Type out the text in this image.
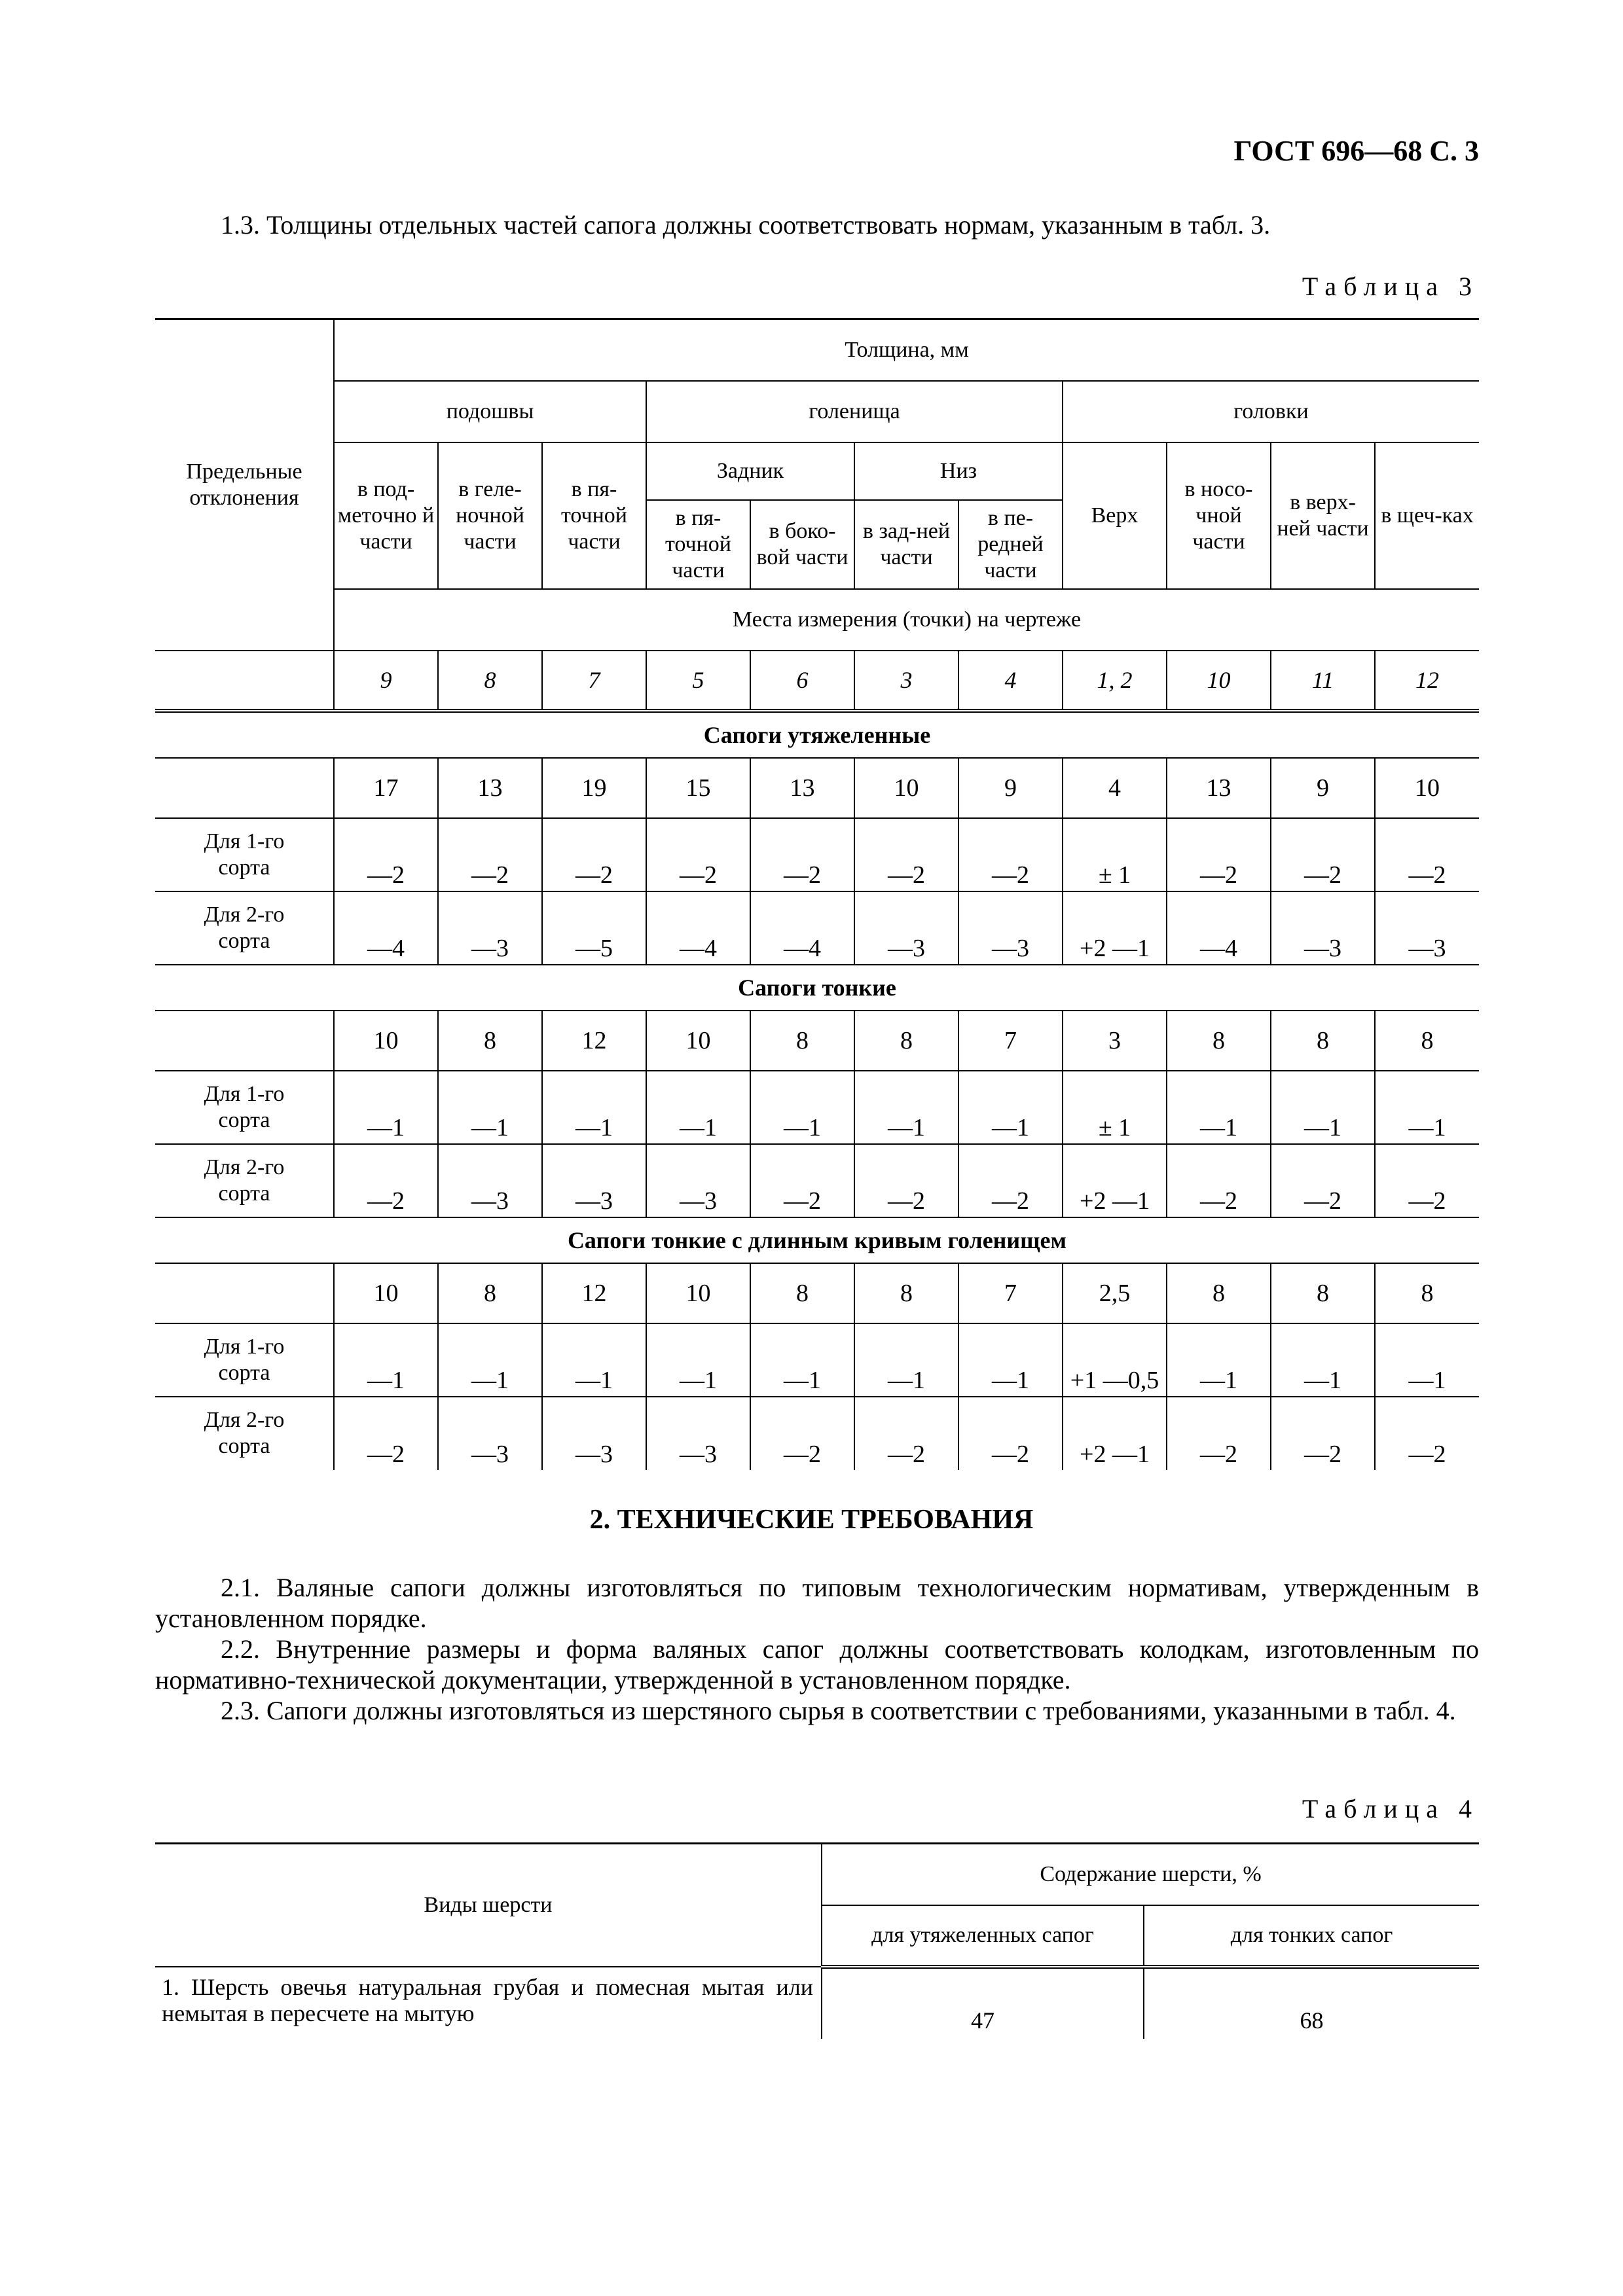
ГОСТ 696—68 С. 3
1.3. Толщины отдельных частей сапога должны соответствовать нормам, указанным в табл. 3.
Таблица 3
Предельные отклонения	Толщина, мм										
	подошвы			голенища				головки			
	в под-метoчно й части	в геле-ночной части	в пя-точной части	Задник		Низ		Верх	в носо-чной части	в верх-ней части	в щеч-ках
				в пя-точной части	в боко-вой части	в зад-ней части	в пе-редней части				
	Места измерения (точки) на чертеже										
	9	8	7	5	6	3	4	1, 2	10	11	12
Сапоги утяжеленные											
	17	13	19	15	13	10	9	4	13	9	10
Для 1-го сорта	—2	—2	—2	—2	—2	—2	—2	± 1	—2	—2	—2
Для 2-го сорта	—4	—3	—5	—4	—4	—3	—3	+2 —1	—4	—3	—3
Сапоги тонкие											
	10	8	12	10	8	8	7	3	8	8	8
Для 1-го сорта	—1	—1	—1	—1	—1	—1	—1	± 1	—1	—1	—1
Для 2-го сорта	—2	—3	—3	—3	—2	—2	—2	+2 —1	—2	—2	—2
Сапоги тонкие с длинным кривым голенищем											
	10	8	12	10	8	8	7	2,5	8	8	8
Для 1-го сорта	—1	—1	—1	—1	—1	—1	—1	+1 —0,5	—1	—1	—1
Для 2-го сорта	—2	—3	—3	—3	—2	—2	—2	+2 —1	—2	—2	—2
2. ТЕХНИЧЕСКИЕ ТРЕБОВАНИЯ
2.1. Валяные сапоги должны изготовляться по типовым технологическим нормативам, утвержденным в установленном порядке.
2.2. Внутренние размеры и форма валяных сапог должны соответствовать колодкам, изготовленным по нормативно-технической документации, утвержденной в установленном порядке.
2.3. Сапоги должны изготовляться из шерстяного сырья в соответствии с требованиями, указанными в табл. 4.
Таблица 4
Виды шерсти	Содержание шерсти, %	
	для утяжеленных сапог	для тонких сапог
1. Шерсть овечья натуральная грубая и помесная мытая или немытая в пересчете на мытую	47	68
